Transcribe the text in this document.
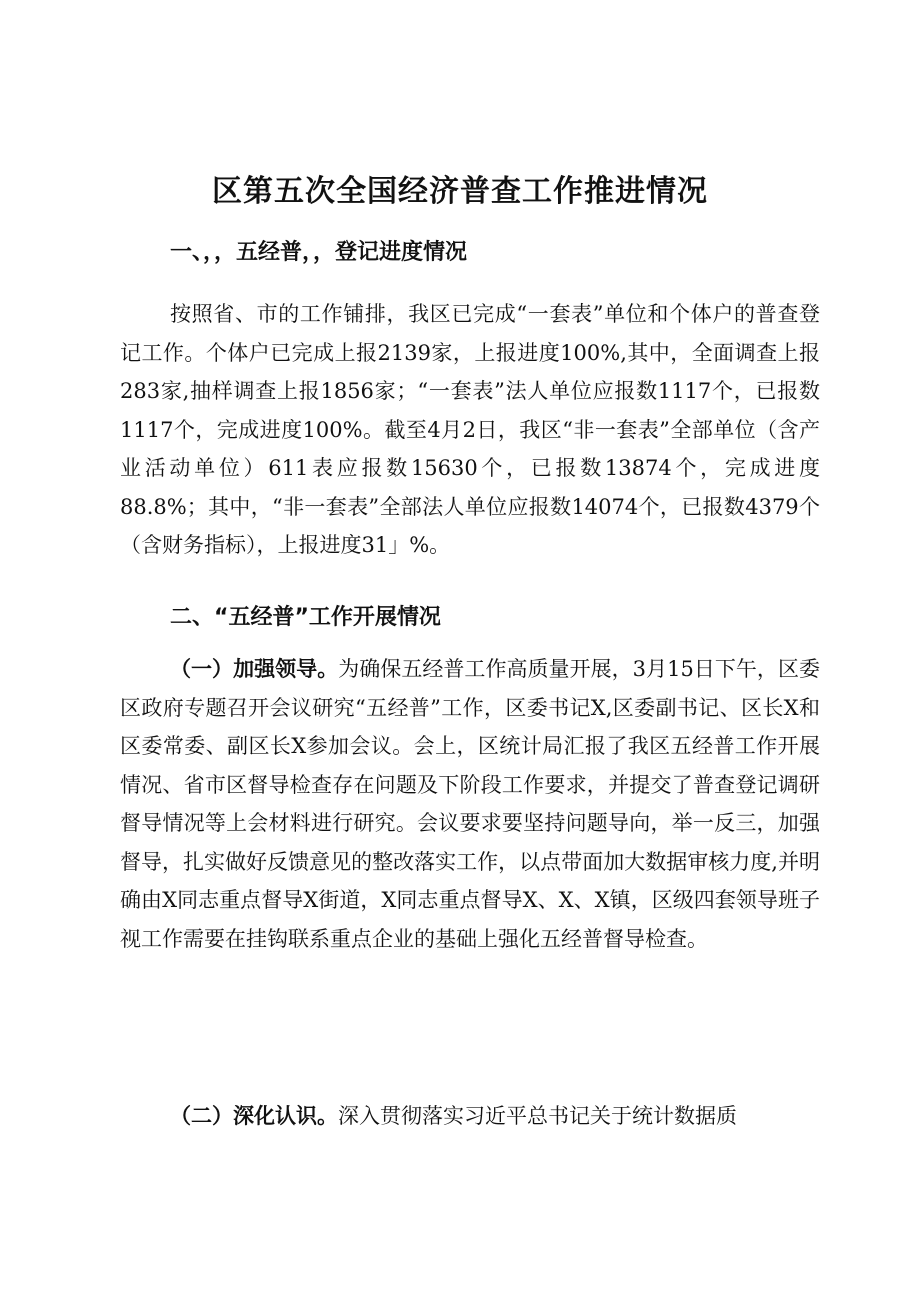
区第五次全国经济普查工作推进情况
一、，，五经普，，登记进度情况

按照省、市的工作铺排，我区已完成“一套表”单位和个体户的普查登记工作。个体户已完成上报2139家，上报进度100%,其中，全面调查上报283家,抽样调查上报1856家；“一套表”法人单位应报数1117个，已报数1117个，完成进度100%。截至4月2日，我区“非一套表”全部单位（含产业活动单位）611表应报数15630个，已报数13874个，完成进度88.8%；其中，“非一套表”全部法人单位应报数14074个，已报数4379个（含财务指标），上报进度31」%。

二、“五经普”工作开展情况

（一）加强领导。为确保五经普工作高质量开展，3月15日下午，区委区政府专题召开会议研究“五经普”工作，区委书记X,区委副书记、区长X和区委常委、副区长X参加会议。会上，区统计局汇报了我区五经普工作开展情况、省市区督导检查存在问题及下阶段工作要求，并提交了普查登记调研督导情况等上会材料进行研究。会议要求要坚持问题导向，举一反三，加强督导，扎实做好反馈意见的整改落实工作，以点带面加大数据审核力度,并明确由X同志重点督导X街道，X同志重点督导X、X、X镇，区级四套领导班子视工作需要在挂钩联系重点企业的基础上强化五经普督导检查。

（二）深化认识。深入贯彻落实习近平总书记关于统计数据质
